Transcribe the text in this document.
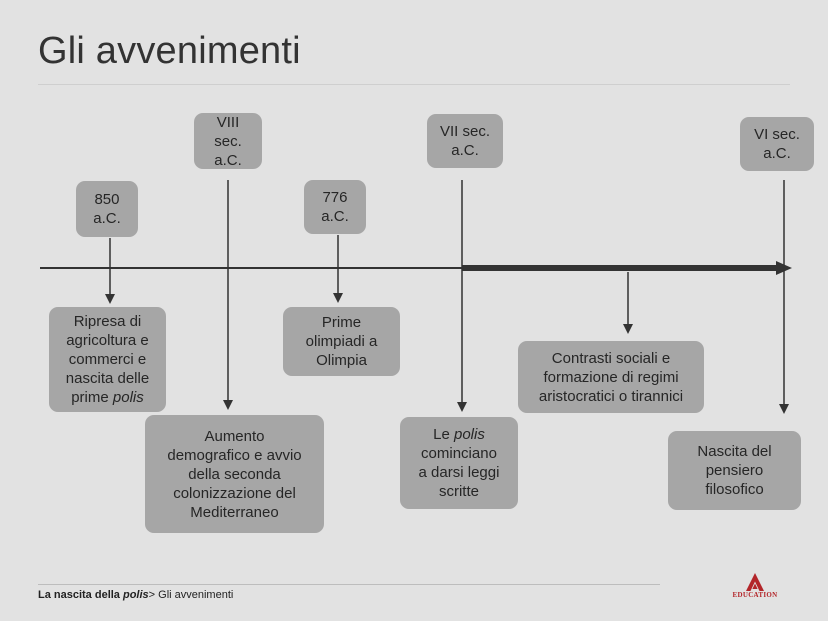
Gli avvenimenti
850
a.C.
VIII
sec.
a.C.
776
a.C.
VII sec.
a.C.
VI sec.
a.C.
Ripresa di
agricoltura e
commerci e
nascita delle
prime polis
Aumento
demografico e avvio
della seconda
colonizzazione del
Mediterraneo
Prime
olimpiadi a
Olimpia
Le polis
cominciano
a darsi leggi
scritte
Contrasti sociali e
formazione di regimi
aristocratici o tirannici
Nascita del
pensiero
filosofico
La nascita della polis> Gli avvenimenti	EDUCATION
